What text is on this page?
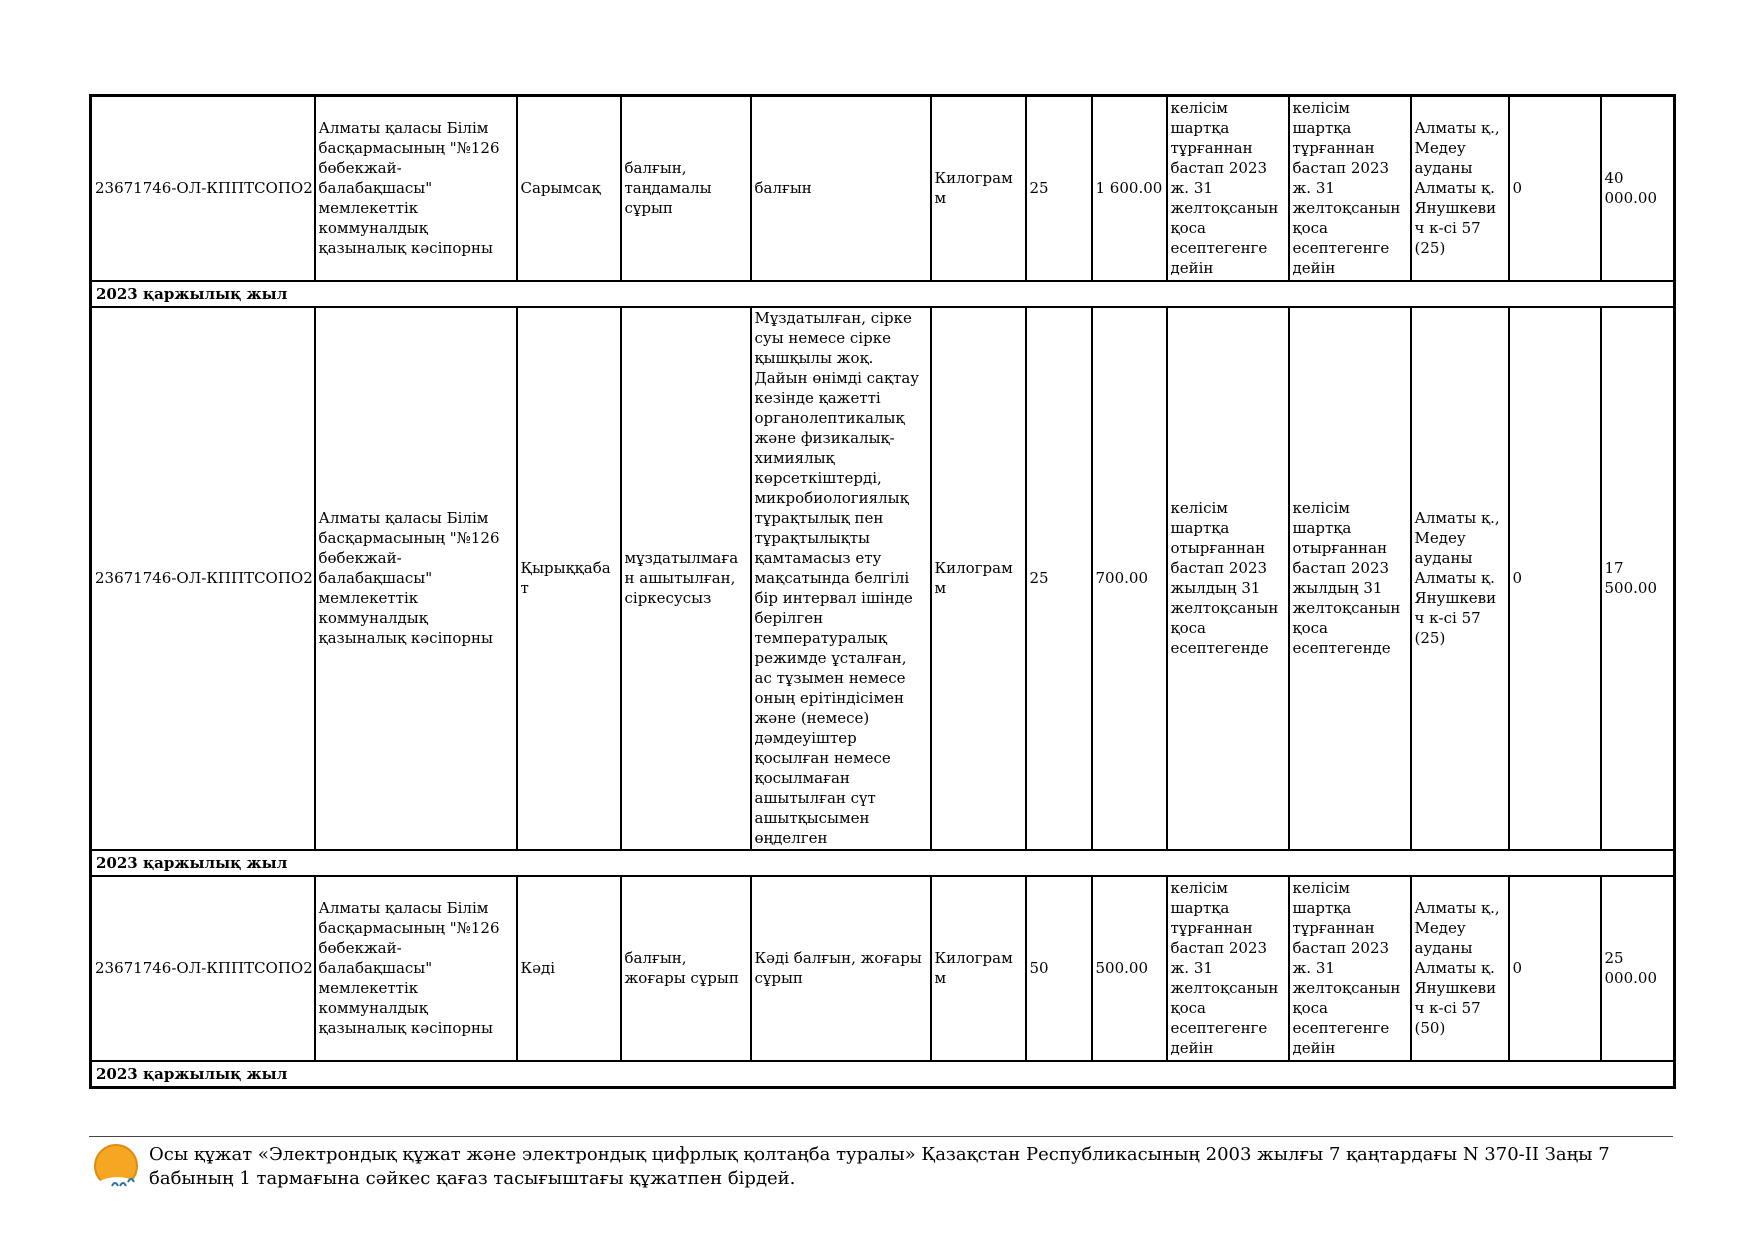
23671746-ОЛ-КППТСОПО2	Алматы қаласы Білім басқармасының "№126 бөбекжай-балабақшасы" мемлекеттік коммуналдық қазыналық кәсіпорны	Сарымсақ	балғын, таңдамалы сұрып	балғын	Килограмм	25	1 600.00	келісім шартқа тұрғаннан бастап 2023 ж. 31 желтоқсанын қоса есептегенге дейін	келісім шартқа тұрғаннан бастап 2023 ж. 31 желтоқсанын қоса есептегенге дейін	Алматы қ., Медеу ауданы Алматы қ. Янушкевич к-сі 57 (25)	0	40 000.00
2023 қаржылық жыл												
23671746-ОЛ-КППТСОПО2	Алматы қаласы Білім басқармасының "№126 бөбекжай-балабақшасы" мемлекеттік коммуналдық қазыналық кәсіпорны	Қырыққабат	мұздатылмаған ашытылған, сіркесусыз	Мұздатылған, сірке суы немесе сірке қышқылы жоқ. Дайын өнімді сақтау кезінде қажетті органолептикалық және физикалық-химиялық көрсеткіштерді, микробиологиялық тұрақтылық пен тұрақтылықты қамтамасыз ету мақсатында белгілі бір интервал ішінде берілген температуралық режимде ұсталған, ас тұзымен немесе оның ерітіндісімен және (немесе) дәмдеуіштер қосылған немесе қосылмаған ашытылған сүт ашытқысымен өңделген	Килограмм	25	700.00	келісім шартқа отырғаннан бастап 2023 жылдың 31 желтоқсанын қоса есептегенде	келісім шартқа отырғаннан бастап 2023 жылдың 31 желтоқсанын қоса есептегенде	Алматы қ., Медеу ауданы Алматы қ. Янушкевич к-сі 57 (25)	0	17 500.00
2023 қаржылық жыл												
23671746-ОЛ-КППТСОПО2	Алматы қаласы Білім басқармасының "№126 бөбекжай-балабақшасы" мемлекеттік коммуналдық қазыналық кәсіпорны	Кәді	балғын, жоғары сұрып	Кәді балғын, жоғары сұрып	Килограмм	50	500.00	келісім шартқа тұрғаннан бастап 2023 ж. 31 желтоқсанын қоса есептегенге дейін	келісім шартқа тұрғаннан бастап 2023 ж. 31 желтоқсанын қоса есептегенге дейін	Алматы қ., Медеу ауданы Алматы қ. Янушкевич к-сі 57 (50)	0	25 000.00
2023 қаржылық жыл												
Осы құжат «Электрондық құжат және электрондық цифрлық қолтаңба туралы» Қазақстан Республикасының 2003 жылғы 7 қаңтардағы N 370-II Заңы 7 бабының 1 тармағына сәйкес қағаз тасығыштағы құжатпен бірдей.
